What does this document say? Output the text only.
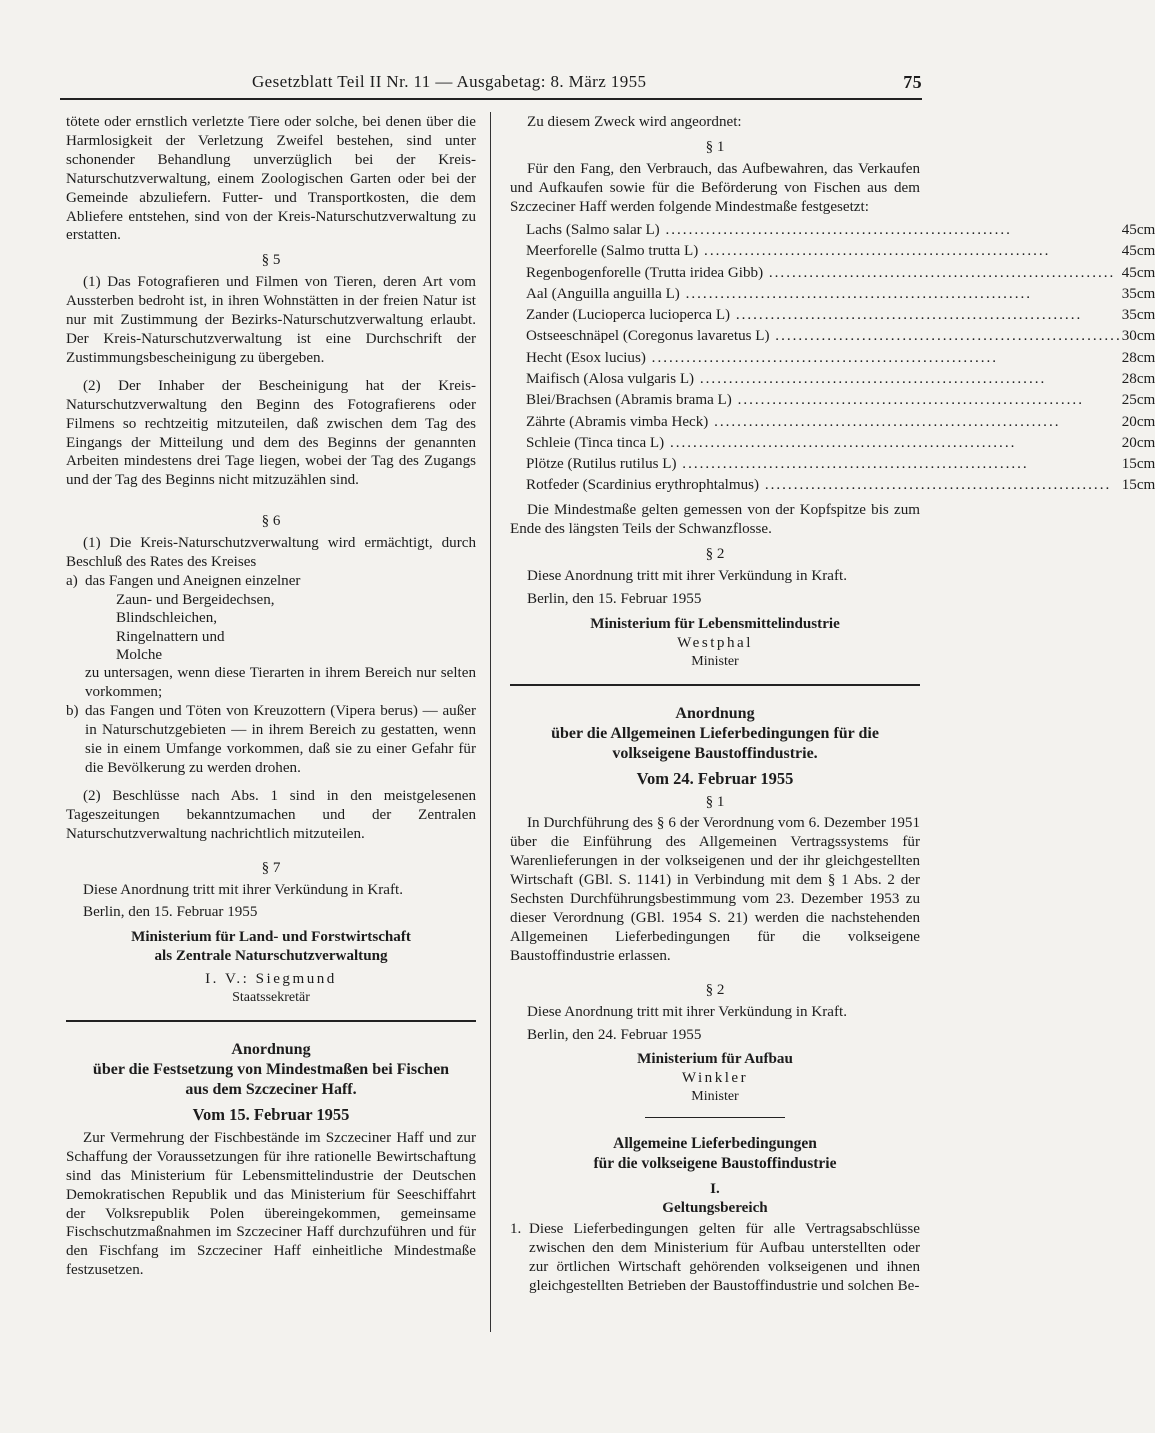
Gesetzblatt Teil II Nr. 11 — Ausgabetag: 8. März 1955	75

tötete oder ernstlich verletzte Tiere oder solche, bei denen über die Harmlosigkeit der Verletzung Zweifel bestehen, sind unter schonender Behandlung unverzüglich bei der Kreis-Naturschutzverwaltung, einem Zoologischen Garten oder bei der Gemeinde abzuliefern. Futter- und Transportkosten, die dem Abliefere entstehen, sind von der Kreis-Naturschutzverwaltung zu erstatten.

§ 5

(1) Das Fotografieren und Filmen von Tieren, deren Art vom Aussterben bedroht ist, in ihren Wohnstätten in der freien Natur ist nur mit Zustimmung der Bezirks-Naturschutzverwaltung erlaubt. Der Kreis-Naturschutzverwaltung ist eine Durchschrift der Zustimmungsbescheinigung zu übergeben.

(2) Der Inhaber der Bescheinigung hat der Kreis-Naturschutzverwaltung den Beginn des Fotografierens oder Filmens so rechtzeitig mitzuteilen, daß zwischen dem Tag des Eingangs der Mitteilung und dem des Beginns der genannten Arbeiten mindestens drei Tage liegen, wobei der Tag des Zugangs und der Tag des Beginns nicht mitzuzählen sind.

§ 6

(1) Die Kreis-Naturschutzverwaltung wird ermächtigt, durch Beschluß des Rates des Kreises

a) das Fangen und Aneignen einzelner
Zaun- und Bergeidechsen,
Blindschleichen,
Ringelnattern und
Molche

zu untersagen, wenn diese Tierarten in ihrem Bereich nur selten vorkommen;

b) das Fangen und Töten von Kreuzottern (Vipera berus) — außer in Naturschutzgebieten — in ihrem Bereich zu gestatten, wenn sie in einem Umfange vorkommen, daß sie zu einer Gefahr für die Bevölkerung zu werden drohen.

(2) Beschlüsse nach Abs. 1 sind in den meistgelesenen Tageszeitungen bekanntzumachen und der Zentralen Naturschutzverwaltung nachrichtlich mitzuteilen.

§ 7

Diese Anordnung tritt mit ihrer Verkündung in Kraft.

Berlin, den 15. Februar 1955

Ministerium für Land- und Forstwirtschaft
als Zentrale Naturschutzverwaltung
I. V.: Siegmund
Staatssekretär
Anordnung
über die Festsetzung von Mindestmaßen bei Fischen
aus dem Szczeciner Haff.
Vom 15. Februar 1955

Zur Vermehrung der Fischbestände im Szczeciner Haff und zur Schaffung der Voraussetzungen für ihre rationelle Bewirtschaftung sind das Ministerium für Lebensmittelindustrie der Deutschen Demokratischen Republik und das Ministerium für Seeschiffahrt der Volksrepublik Polen übereingekommen, gemeinsame Fischschutzmaßnahmen im Szczeciner Haff durchzuführen und für den Fischfang im Szczeciner Haff einheitliche Mindestmaße festzusetzen.

Zu diesem Zweck wird angeordnet:

§ 1

Für den Fang, den Verbrauch, das Aufbewahren, das Verkaufen und Aufkaufen sowie für die Beförderung von Fischen aus dem Szczeciner Haff werden folgende Mindestmaße festgesetzt:

Lachs (Salmo salar L) ............................................................	45	cm
Meerforelle (Salmo trutta L) ............................................................	45	cm
Regenbogenforelle (Trutta iridea Gibb) ............................................................	45	cm
Aal (Anguilla anguilla L) ............................................................	35	cm
Zander (Lucioperca lucioperca L) ............................................................	35	cm
Ostseeschnäpel (Coregonus lavaretus L) ............................................................	30	cm
Hecht (Esox lucius) ............................................................	28	cm
Maifisch (Alosa vulgaris L) ............................................................	28	cm
Blei/Brachsen (Abramis brama L) ............................................................	25	cm
Zährte (Abramis vimba Heck) ............................................................	20	cm
Schleie (Tinca tinca L) ............................................................	20	cm
Plötze (Rutilus rutilus L) ............................................................	15	cm
Rotfeder (Scardinius erythrophtalmus) ............................................................	15	cm

Die Mindestmaße gelten gemessen von der Kopfspitze bis zum Ende des längsten Teils der Schwanzflosse.

§ 2

Diese Anordnung tritt mit ihrer Verkündung in Kraft.

Berlin, den 15. Februar 1955

Ministerium für Lebensmittelindustrie
Westphal
Minister
Anordnung
über die Allgemeinen Lieferbedingungen für die
volkseigene Baustoffindustrie.
Vom 24. Februar 1955
§ 1

In Durchführung des § 6 der Verordnung vom 6. Dezember 1951 über die Einführung des Allgemeinen Vertragssystems für Warenlieferungen in der volkseigenen und der ihr gleichgestellten Wirtschaft (GBl. S. 1141) in Verbindung mit dem § 1 Abs. 2 der Sechsten Durchführungsbestimmung vom 23. Dezember 1953 zu dieser Verordnung (GBl. 1954 S. 21) werden die nachstehenden Allgemeinen Lieferbedingungen für die volkseigene Baustoffindustrie erlassen.

§ 2

Diese Anordnung tritt mit ihrer Verkündung in Kraft.

Berlin, den 24. Februar 1955

Ministerium für Aufbau
Winkler
Minister
Allgemeine Lieferbedingungen
für die volkseigene Baustoffindustrie
I.
Geltungsbereich
1. Diese Lieferbedingungen gelten für alle Vertragsabschlüsse zwischen den dem Ministerium für Aufbau unterstellten oder zur örtlichen Wirtschaft gehörenden volkseigenen und ihnen gleichgestellten Betrieben der Baustoffindustrie und solchen Be-
